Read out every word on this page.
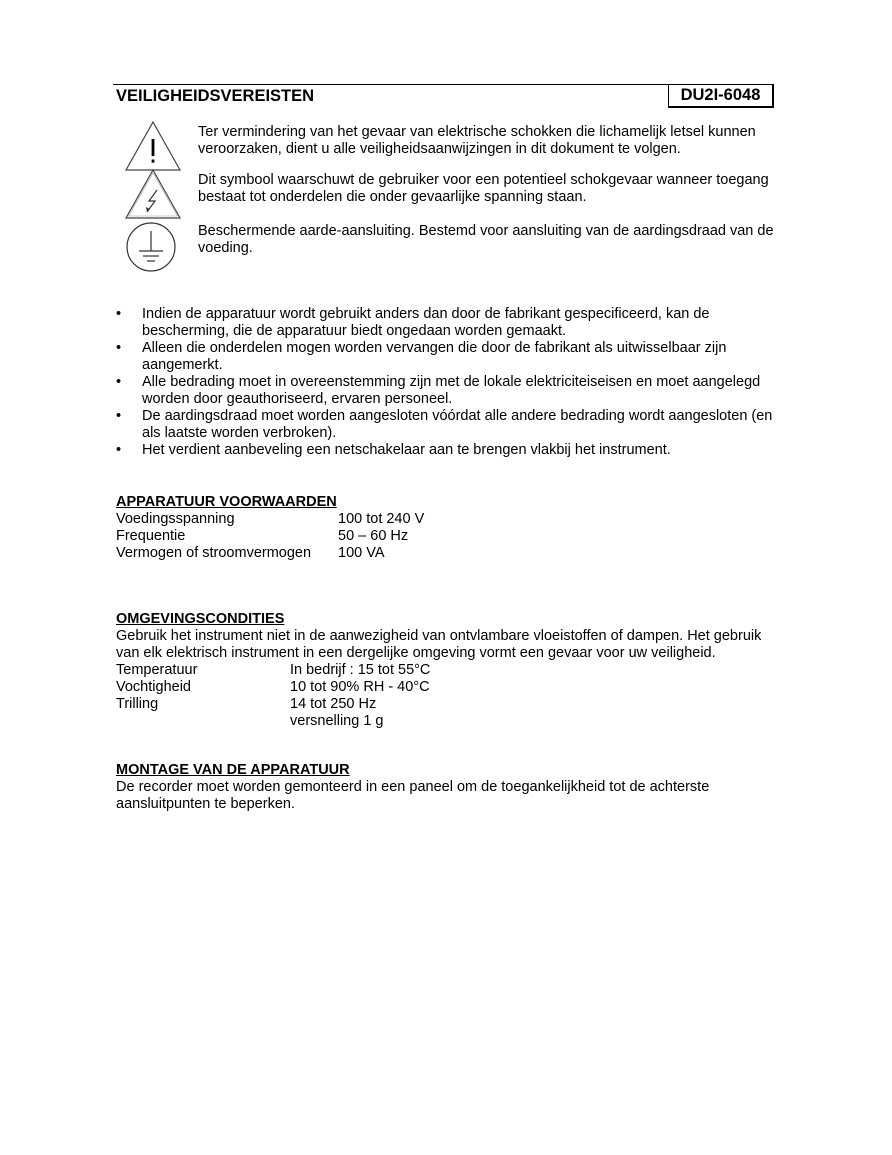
VEILIGHEIDSVEREISTEN	DU2I-6048

Ter vermindering van het gevaar van elektrische schokken die lichamelijk letsel kunnen veroorzaken, dient u alle veiligheidsaanwijzingen in dit dokument te volgen.

Dit symbool waarschuwt de gebruiker voor een potentieel schokgevaar wanneer toegang bestaat tot onderdelen die onder gevaarlijke spanning staan.

Beschermende aarde-aansluiting. Bestemd voor aansluiting van de aardingsdraad van de voeding.

• Indien de apparatuur wordt gebruikt anders dan door de fabrikant gespecificeerd, kan de bescherming, die de apparatuur biedt ongedaan worden gemaakt.
• Alleen die onderdelen mogen worden vervangen die door de fabrikant als uitwisselbaar zijn aangemerkt.
• Alle bedrading moet in overeenstemming zijn met de lokale elektriciteiseisen en moet aangelegd worden door geauthoriseerd, ervaren personeel.
• De aardingsdraad moet worden aangesloten vóórdat alle andere bedrading wordt aangesloten (en als laatste worden verbroken).
• Het verdient aanbeveling een netschakelaar aan te brengen vlakbij het instrument.
APPARATUUR VOORWAARDEN
Voedingsspanning	100 tot 240 V
Frequentie	50 – 60 Hz
Vermogen of stroomvermogen 100 VA
OMGEVINGSCONDITIES

Gebruik het instrument niet in de aanwezigheid van ontvlambare vloeistoffen of dampen. Het gebruik van elk elektrisch instrument in een dergelijke omgeving vormt een gevaar voor uw veiligheid.

Temperatuur	In bedrijf : 15 tot 55°C
Vochtigheid	10 tot 90% RH - 40°C
Trilling	14 tot 250 Hz
versnelling 1 g
MONTAGE VAN DE APPARATUUR

De recorder moet worden gemonteerd in een paneel om de toegankelijkheid tot de achterste aansluitpunten te beperken.
